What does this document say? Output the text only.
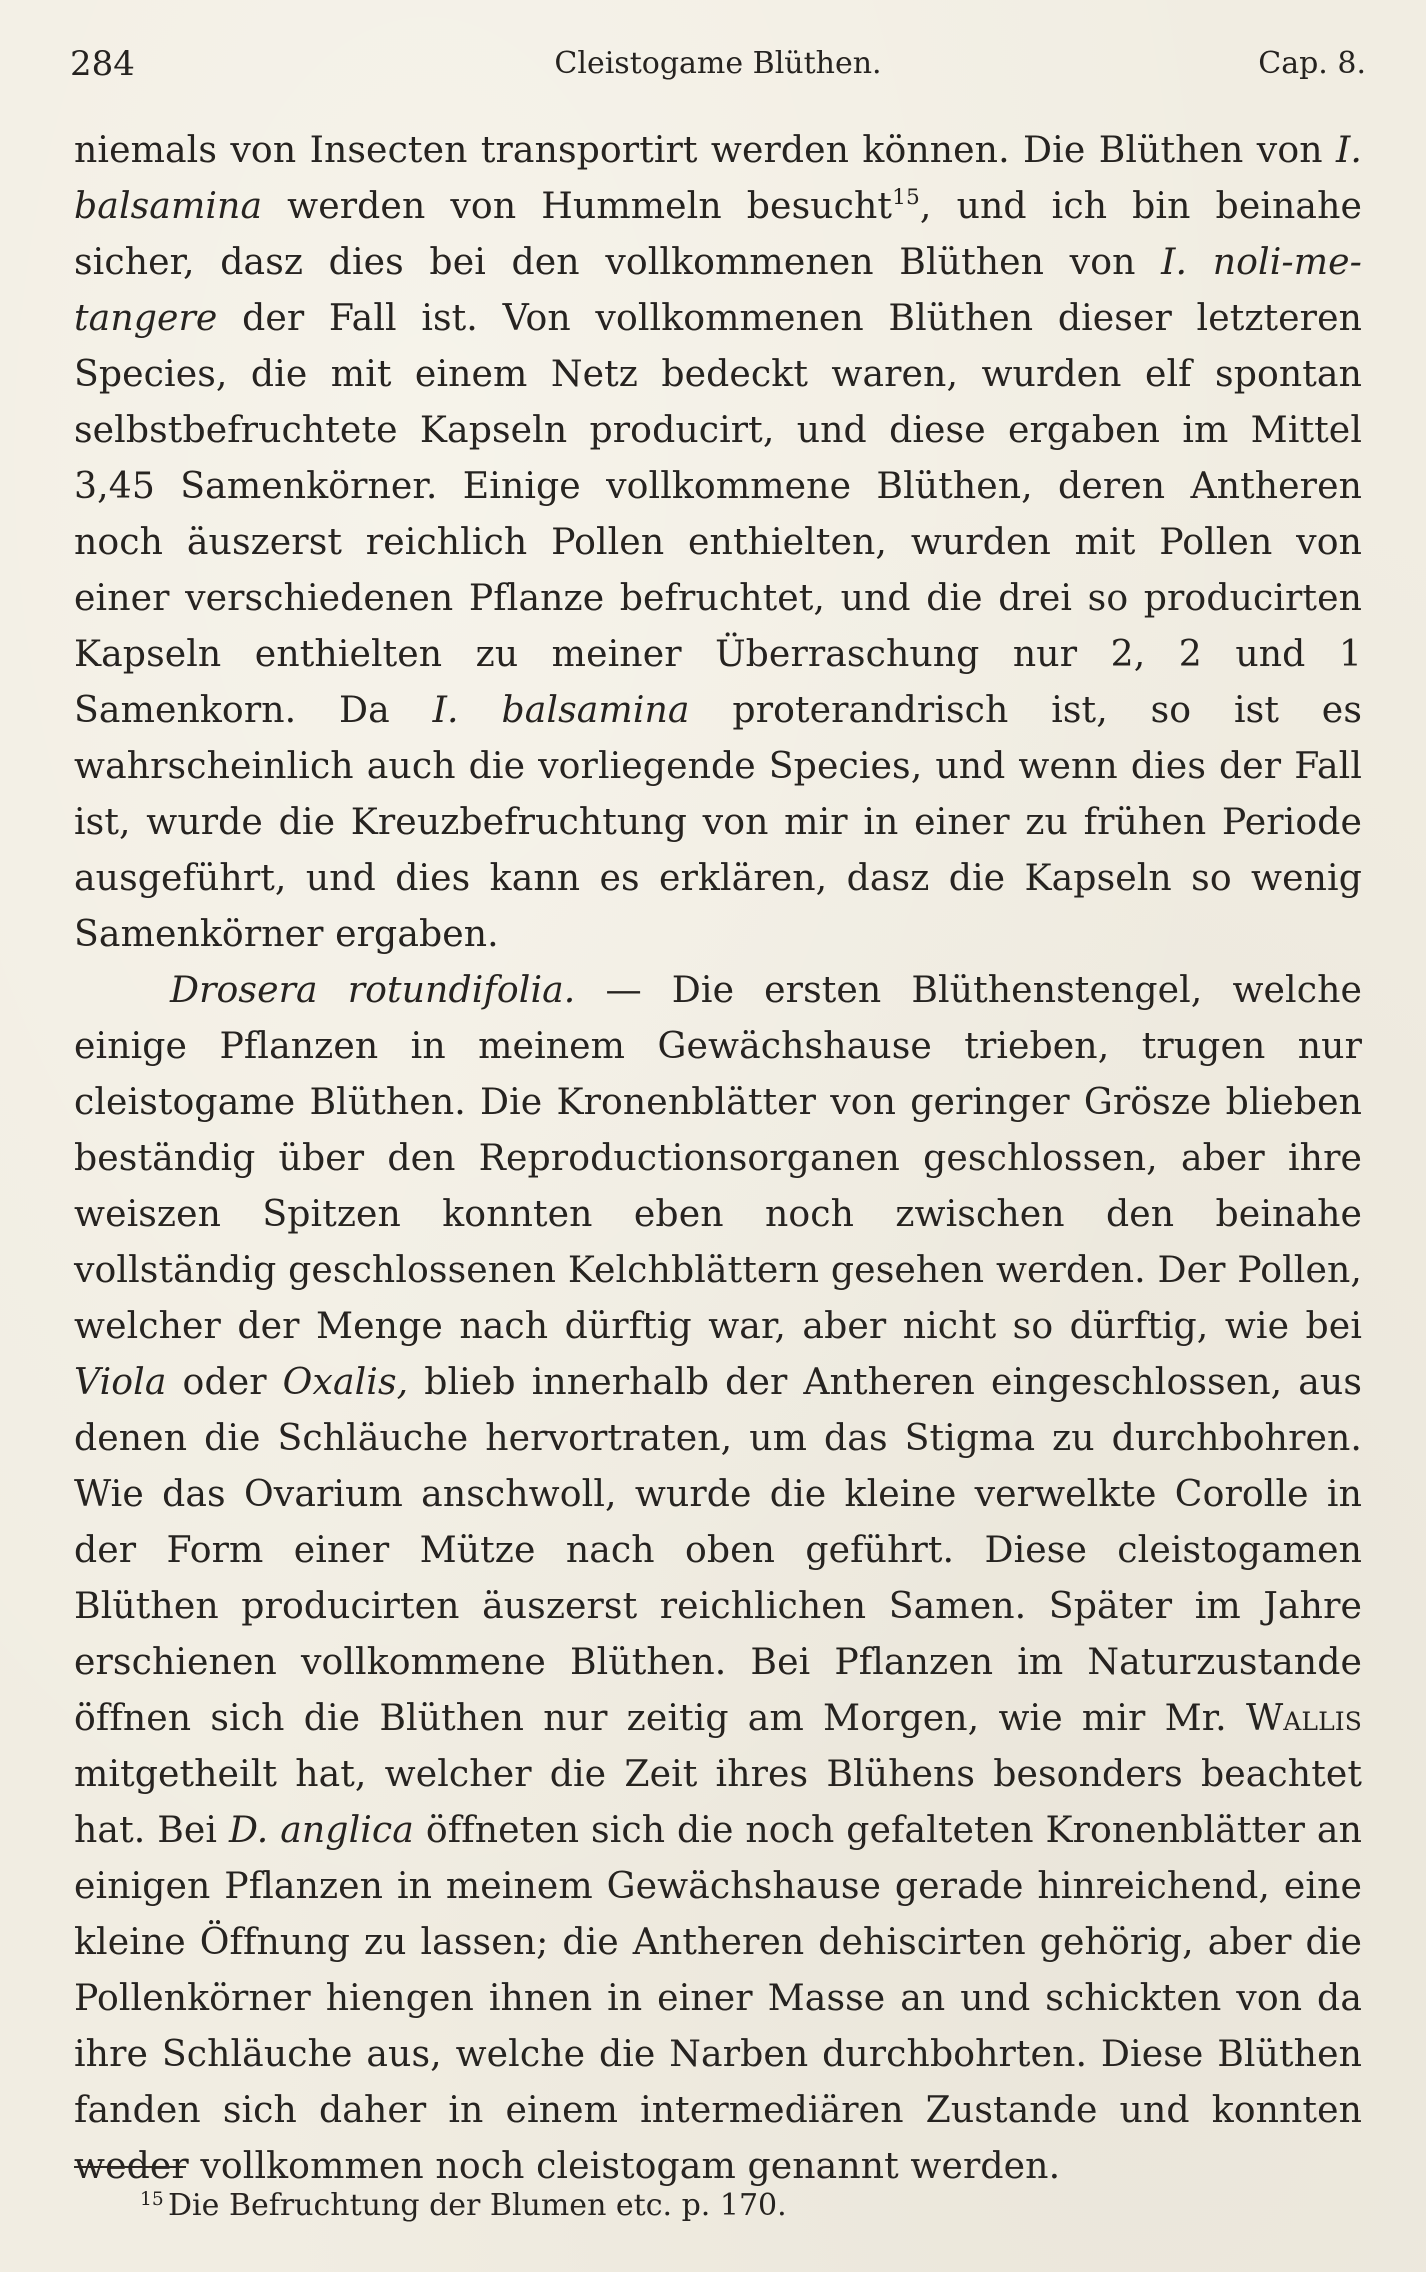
284	Cleistogame Blüthen.	Cap. 8.

niemals von Insecten transportirt werden können. Die Blüthen von I. balsamina werden von Hummeln besucht$^{15}$, und ich bin beinahe sicher, dasz dies bei den vollkommenen Blüthen von I. noli-me-tangere der Fall ist. Von vollkommenen Blüthen dieser letzteren Species, die mit einem Netz bedeckt waren, wurden elf spontan selbstbefruchtete Kapseln producirt, und diese ergaben im Mittel 3,45 Samenkörner. Einige vollkommene Blüthen, deren Antheren noch äuszerst reichlich Pollen enthielten, wurden mit Pollen von einer verschiedenen Pflanze befruchtet, und die drei so producirten Kapseln enthielten zu meiner Überraschung nur 2, 2 und 1 Samenkorn. Da I. balsamina proterandrisch ist, so ist es wahrscheinlich auch die vorliegende Species, und wenn dies der Fall ist, wurde die Kreuzbefruchtung von mir in einer zu frühen Periode ausgeführt, und dies kann es erklären, dasz die Kapseln so wenig Samenkörner ergaben.

Drosera rotundifolia. — Die ersten Blüthenstengel, welche einige Pflanzen in meinem Gewächshause trieben, trugen nur cleistogame Blüthen. Die Kronenblätter von geringer Grösze blieben beständig über den Reproductionsorganen geschlossen, aber ihre weiszen Spitzen konnten eben noch zwischen den beinahe vollständig geschlossenen Kelchblättern gesehen werden. Der Pollen, welcher der Menge nach dürftig war, aber nicht so dürftig, wie bei Viola oder Oxalis, blieb innerhalb der Antheren eingeschlossen, aus denen die Schläuche hervortraten, um das Stigma zu durchbohren. Wie das Ovarium anschwoll, wurde die kleine verwelkte Corolle in der Form einer Mütze nach oben geführt. Diese cleistogamen Blüthen producirten äuszerst reichlichen Samen. Später im Jahre erschienen vollkommene Blüthen. Bei Pflanzen im Naturzustande öffnen sich die Blüthen nur zeitig am Morgen, wie mir Mr. Wallis mitgetheilt hat, welcher die Zeit ihres Blühens besonders beachtet hat. Bei D. anglica öffneten sich die noch gefalteten Kronenblätter an einigen Pflanzen in meinem Gewächshause gerade hinreichend, eine kleine Öffnung zu lassen; die Antheren dehiscirten gehörig, aber die Pollenkörner hiengen ihnen in einer Masse an und schickten von da ihre Schläuche aus, welche die Narben durchbohrten. Diese Blüthen fanden sich daher in einem intermediären Zustande und konnten weder vollkommen noch cleistogam genannt werden.

15 Die Befruchtung der Blumen etc. p. 170.
